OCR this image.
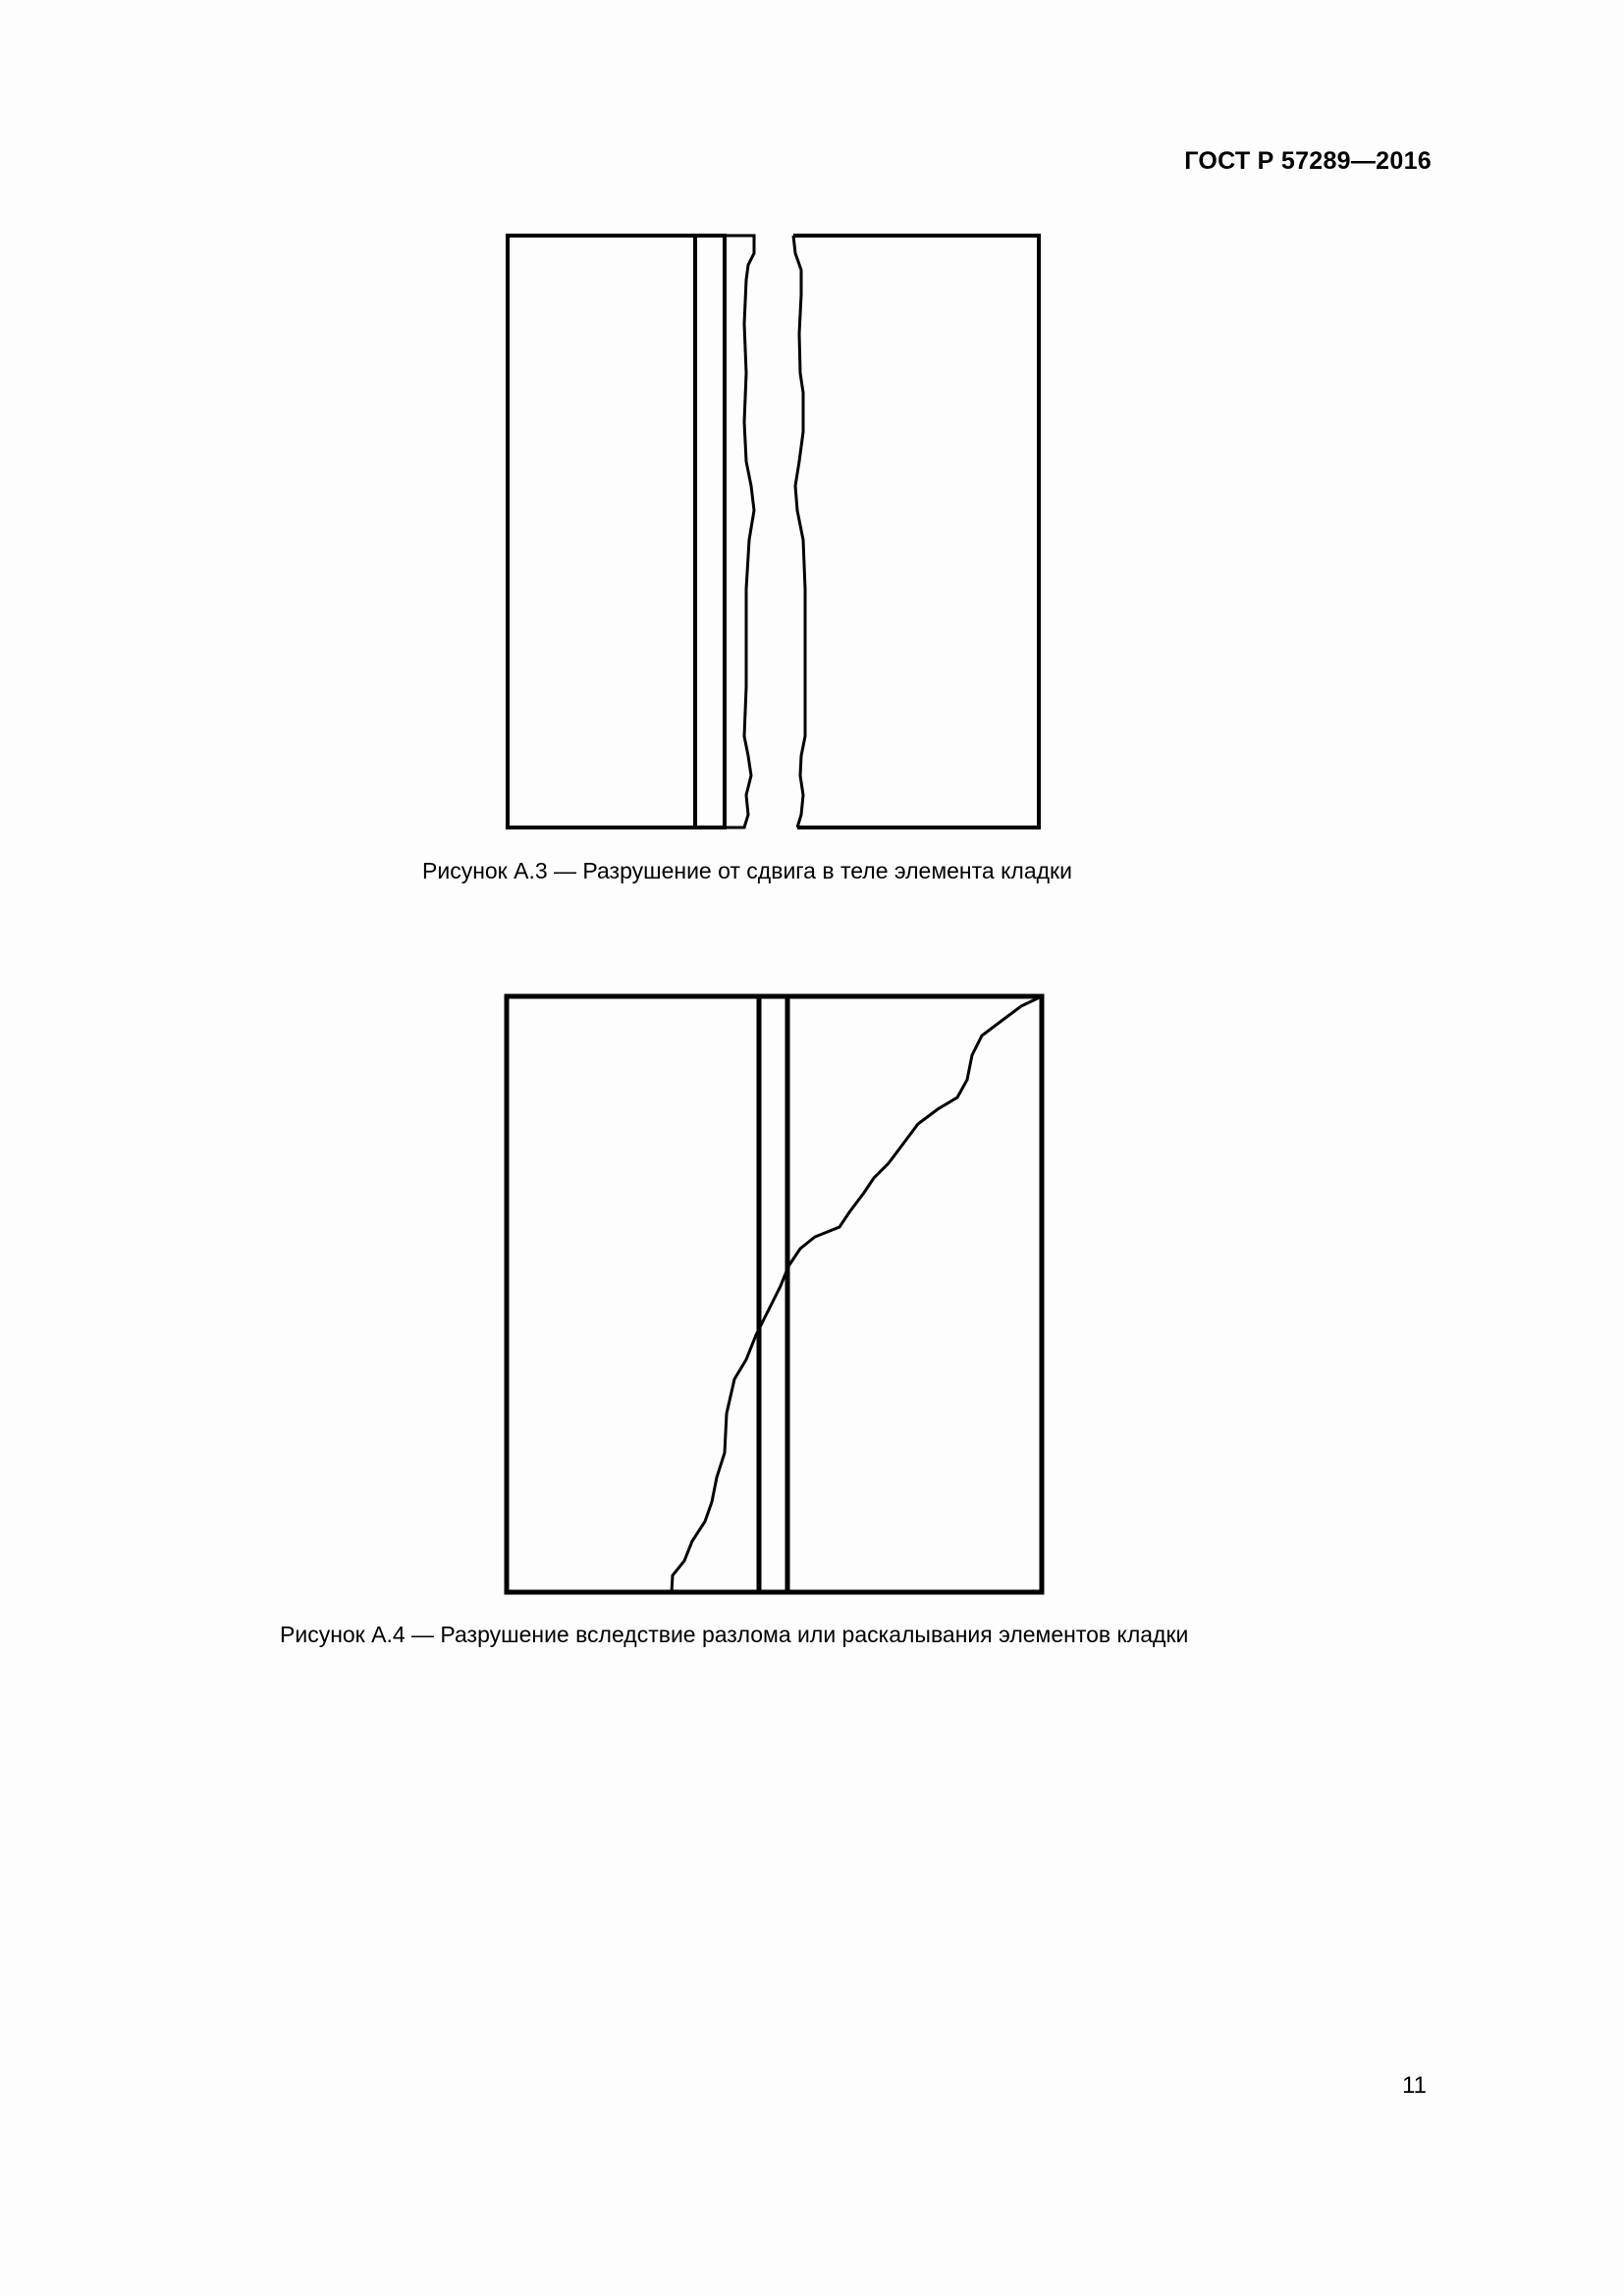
ГОСТ Р 57289—2016
Рисунок А.3 — Разрушение от сдвига в теле элемента кладки
Рисунок А.4 — Разрушение вследствие разлома или раскалывания элементов кладки
11
